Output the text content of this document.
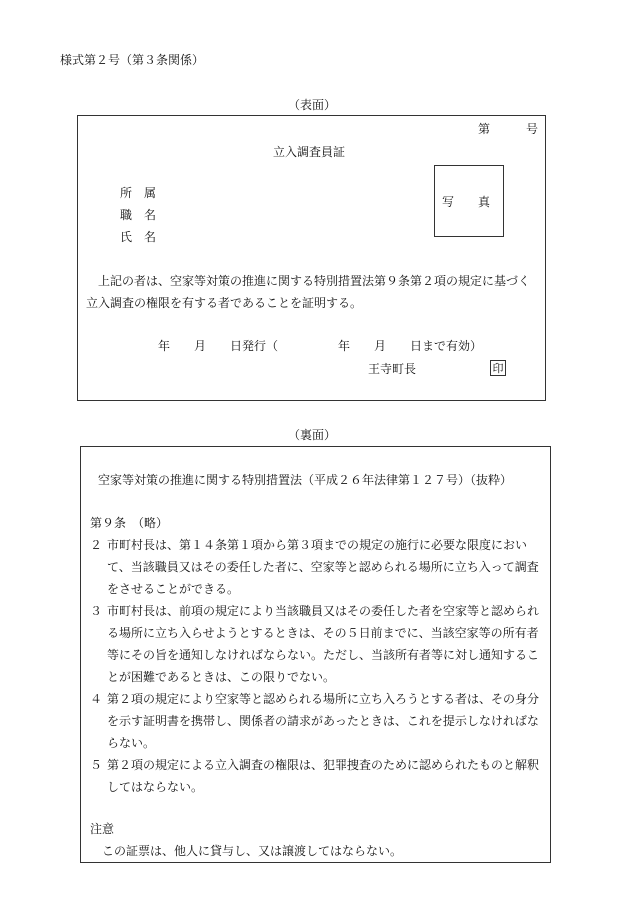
様式第２号（第３条関係）
（表面）
第	号
立入調査員証
所　属
職　名
氏　名
写　真
　上記の者は、空家等対策の推進に関する特別措置法第９条第２項の規定に基づく立入調査の権限を有する者であることを証明する。
年　　月　　日発行（　　　　　年　　月　　日まで有効）
王寺町長	印
（裏面）
空家等対策の推進に関する特別措置法（平成２６年法律第１２７号）（抜粋）
第９条　（略）
２ 市町村長は、第１４条第１項から第３項までの規定の施行に必要な限度において、当該職員又はその委任した者に、空家等と認められる場所に立ち入って調査をさせることができる。
３ 市町村長は、前項の規定により当該職員又はその委任した者を空家等と認められる場所に立ち入らせようとするときは、その５日前までに、当該空家等の所有者等にその旨を通知しなければならない。ただし、当該所有者等に対し通知することが困難であるときは、この限りでない。
４ 第２項の規定により空家等と認められる場所に立ち入ろうとする者は、その身分を示す証明書を携帯し、関係者の請求があったときは、これを提示しなければならない。
５ 第２項の規定による立入調査の権限は、犯罪捜査のために認められたものと解釈してはならない。
注意
この証票は、他人に貸与し、又は譲渡してはならない。
